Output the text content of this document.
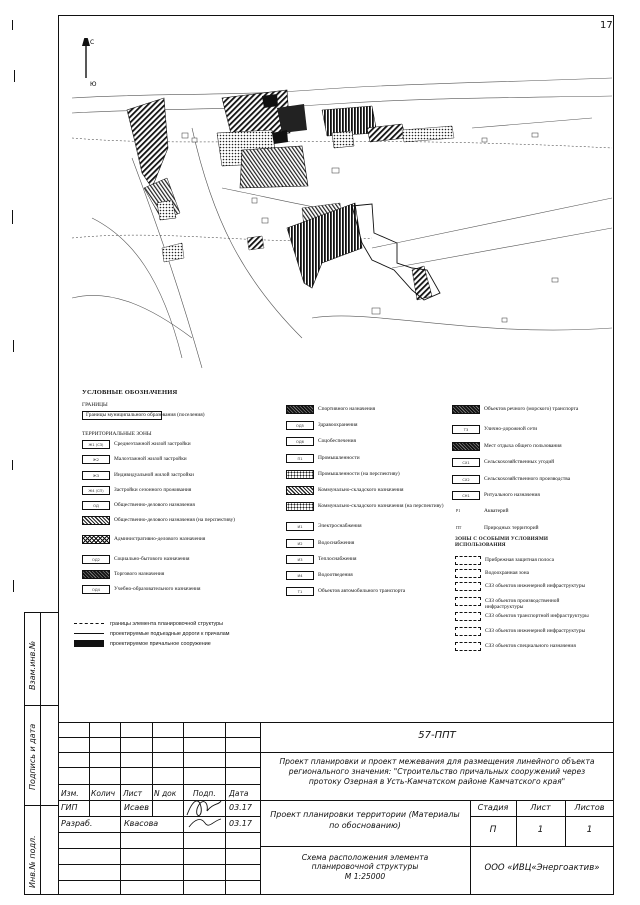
17
Взам.инв.№
Подпись и дата
Инв.№ подл.
С
Ю
УСЛОВНЫЕ ОБОЗНАЧЕНИЯ
ГРАНИЦЫ
Границы муниципального образования (поселения)
ТЕРРИТОРИАЛЬНЫЕ ЗОНЫ
Ж1 (СЗ)	Среднеэтажной жилой застройки
Ж2	Малоэтажной жилой застройки
Ж3	Индивидуальной жилой застройки
Ж4 (СП)	Застройки сезонного проживания
ОД	Общественно-делового назначения
Общественно-делового назначения (на перспективу)
Административно-делового назначения
ОД2	Социально-бытового назначения
Торгового назначения
ОД4	Учебно-образовательного назначения
Спортивного назначения
ОД5	Здравоохранения
ОД6	Соцобеспечения
П1	Промышленности
Промышленности (на перспективу)
Коммунально-складского назначения
Коммунально-складского назначения (на перспективу)
И1	Электроснабжения
И2	Водоснабжения
И3	Теплоснабжения
И4	Водоотведения
Т1	Объектов автомобильного транспорта
Объектов речного (морского) транспорта
Т3	Улично-дорожной сети
Мест отдыха общего пользования
СХ1	Сельскохозяйственных угодий
СХ2	Сельскохозяйственного производства
СН1	Ритуального назначения
Р1	Акватерий
ПТ	Природных территорий
ЗОНЫ С ОСОБЫМИ УСЛОВИЯМИ ИСПОЛЬЗОВАНИЯ
Прибрежная защитная полоса
Водоохранная зона
СЗЗ объектов инженерной инфраструктуры
СЗЗ объектов производственной инфраструктуры
СЗЗ объектов транспортной инфраструктуры
СЗЗ объектов инженерной инфраструктуры
СЗЗ объектов специального назначения
границы элемента планировочной структуры
проектируемые подъездные дороги к причалам
проектируемое причальное сооружение
57-ППТ
Проект планировки и проект межевания для размещения линейного объекта регионального значения: "Строительство причальных сооружений через протоку Озерная в Усть-Камчатском районе Камчатского края"
Изм. Колич Лист N док Подп. Дата
ГИП	Исаев	03.17
Разраб.	Квасова	03.17
Проект планировки территории (Материалы по обоснованию)
Стадия	Лист	Листов
П	1	1
Схема расположения элемента планировочной структуры
М 1:25000
ООО «ИВЦ«Энергоактив»
